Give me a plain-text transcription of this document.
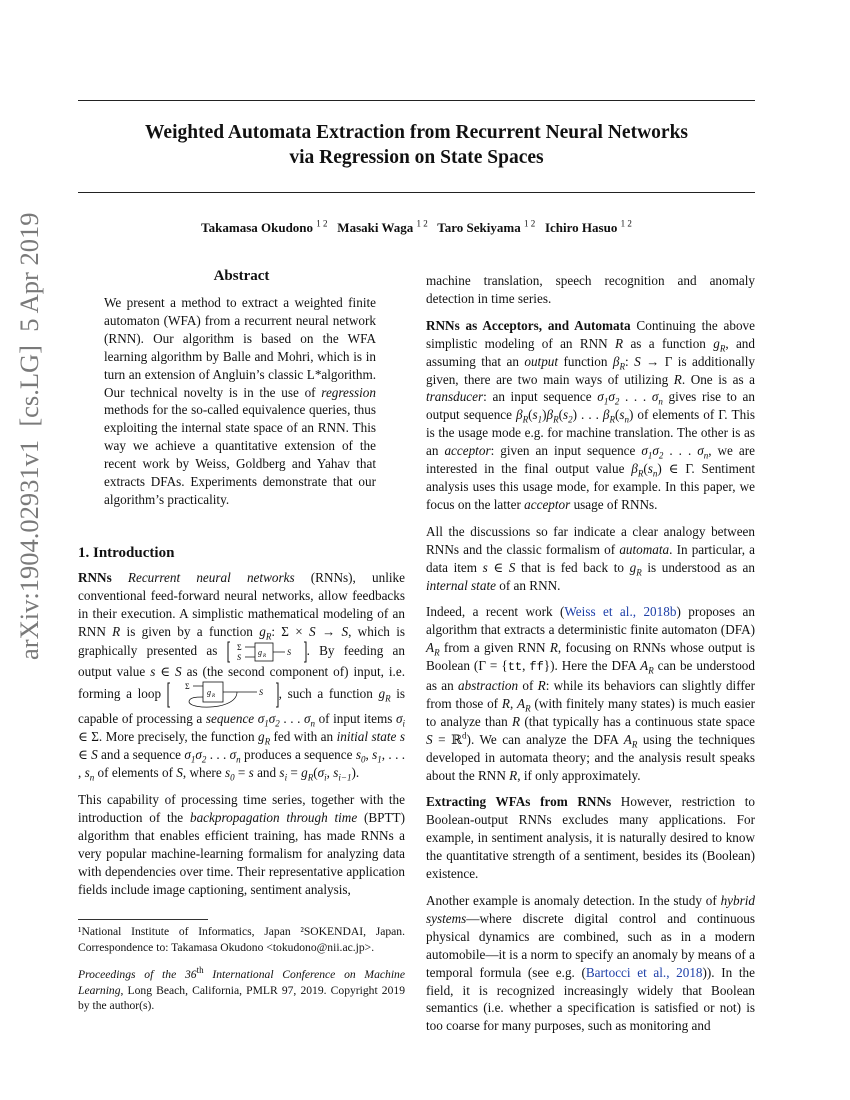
arXiv:1904.02931v1  [cs.LG]  5 Apr 2019
Weighted Automata Extraction from Recurrent Neural Networks
via Regression on State Spaces
Takamasa Okudono $^{1 2}$ Masaki Waga $^{1 2}$ Taro Sekiyama $^{1 2}$ Ichiro Hasuo $^{1 2}$
Abstract
We present a method to extract a weighted finite automaton (WFA) from a recurrent neural network (RNN). Our algorithm is based on the WFA learning algorithm by Balle and Mohri, which is in turn an extension of Angluin’s classic L*algorithm. Our technical novelty is in the use of regression methods for the so-called equivalence queries, thus exploiting the internal state space of an RNN. This way we achieve a quantitative extension of the recent work by Weiss, Goldberg and Yahav that extracts DFAs. Experiments demonstrate that our algorithm’s practicality.
1. Introduction
RNNs Recurrent neural networks (RNNs), unlike conventional feed-forward neural networks, allow feedbacks in their execution. A simplistic mathematical modeling of an RNN R is given by a function $g_R$: Σ × S → S, which is graphically presented as Σ
S
g R	S . By feeding an output value s ∈ S as (the second component of) input, i.e. forming a loop Σ
g R	S , such a function $g_R$ is capable of processing a sequence $\sigma_1\sigma_2$ . . . $\sigma_n$ of input items $\sigma_i$ ∈ Σ. More precisely, the function $g_R$ fed with an initial state s ∈ S and a sequence $\sigma_1\sigma_2$ . . . $\sigma_n$ produces a sequence $s_0$, $s_1$, . . . , $s_n$ of elements of S, where $s_0 = s$ and $s_i = g_R(\sigma_i$, $s_{i-1}$).
This capability of processing time series, together with the introduction of the backpropagation through time (BPTT) algorithm that enables efficient training, has made RNNs a very popular machine-learning formalism for analyzing data with dependencies over time. Their representative application fields include image captioning, sentiment analysis,
¹National Institute of Informatics, Japan ²SOKENDAI, Japan. Correspondence to: Takamasa Okudono <tokudono@nii.ac.jp>.
Proceedings of the 36th International Conference on Machine Learning, Long Beach, California, PMLR 97, 2019. Copyright 2019 by the author(s).
machine translation, speech recognition and anomaly detection in time series.
RNNs as Acceptors, and Automata Continuing the above simplistic modeling of an RNN R as a function $g_R$, and assuming that an output function $\beta_R$: S → Γ is additionally given, there are two main ways of utilizing R. One is as a transducer: an input sequence $\sigma_1\sigma_2$ . . . $\sigma_n$ gives rise to an output sequence $\beta_R(s_1)\beta_R(s_2)$ . . . $\beta_R(s_n)$ of elements of Γ. This is the usage mode e.g. for machine translation. The other is as an acceptor: given an input sequence $\sigma_1\sigma_2$ . . . $\sigma_n$, we are interested in the final output value $\beta_R(s_n)$ ∈ Γ. Sentiment analysis uses this usage mode, for example. In this paper, we focus on the latter acceptor usage of RNNs.
All the discussions so far indicate a clear analogy between RNNs and the classic formalism of automata. In particular, a data item s ∈ S that is fed back to $g_R$ is understood as an internal state of an RNN.
Indeed, a recent work (Weiss et al., 2018b) proposes an algorithm that extracts a deterministic finite automaton (DFA) $A_R$ from a given RNN R, focusing on RNNs whose output is Boolean (Γ = {tt, ff}). Here the DFA $A_R$ can be understood as an abstraction of R: while its behaviors can slightly differ from those of R, $A_R$ (with finitely many states) is much easier to analyze than R (that typically has a continuous state space S = ℝ$^d$). We can analyze the DFA $A_R$ using the techniques developed in automata theory; and the analysis result speaks about the RNN R, if only approximately.
Extracting WFAs from RNNs However, restriction to Boolean-output RNNs excludes many applications. For example, in sentiment analysis, it is naturally desired to know the quantitative strength of a sentiment, besides its (Boolean) existence.
Another example is anomaly detection. In the study of hybrid systems—where discrete digital control and continuous physical dynamics are combined, such as in a modern automobile—it is a norm to specify an anomaly by means of a temporal formula (see e.g. (Bartocci et al., 2018)). In the field, it is recognized increasingly widely that Boolean semantics (i.e. whether a specification is satisfied or not) is too coarse for many purposes, such as monitoring and
